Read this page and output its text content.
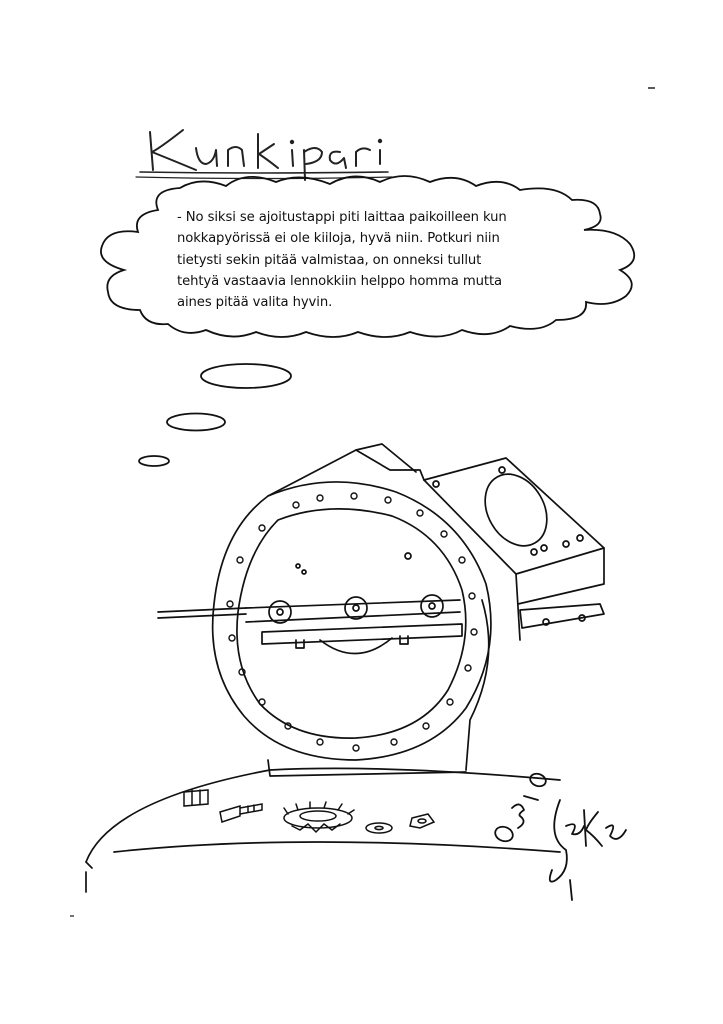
- No siksi se ajoitustappi piti laittaa paikoilleen kun
nokkapyörissä ei ole kiiloja, hyvä niin. Potkuri niin
tietysti sekin pitää valmistaa, on onneksi tullut
tehtyä vastaavia lennokkiin helppo homma mutta
aines pitää valita hyvin.
